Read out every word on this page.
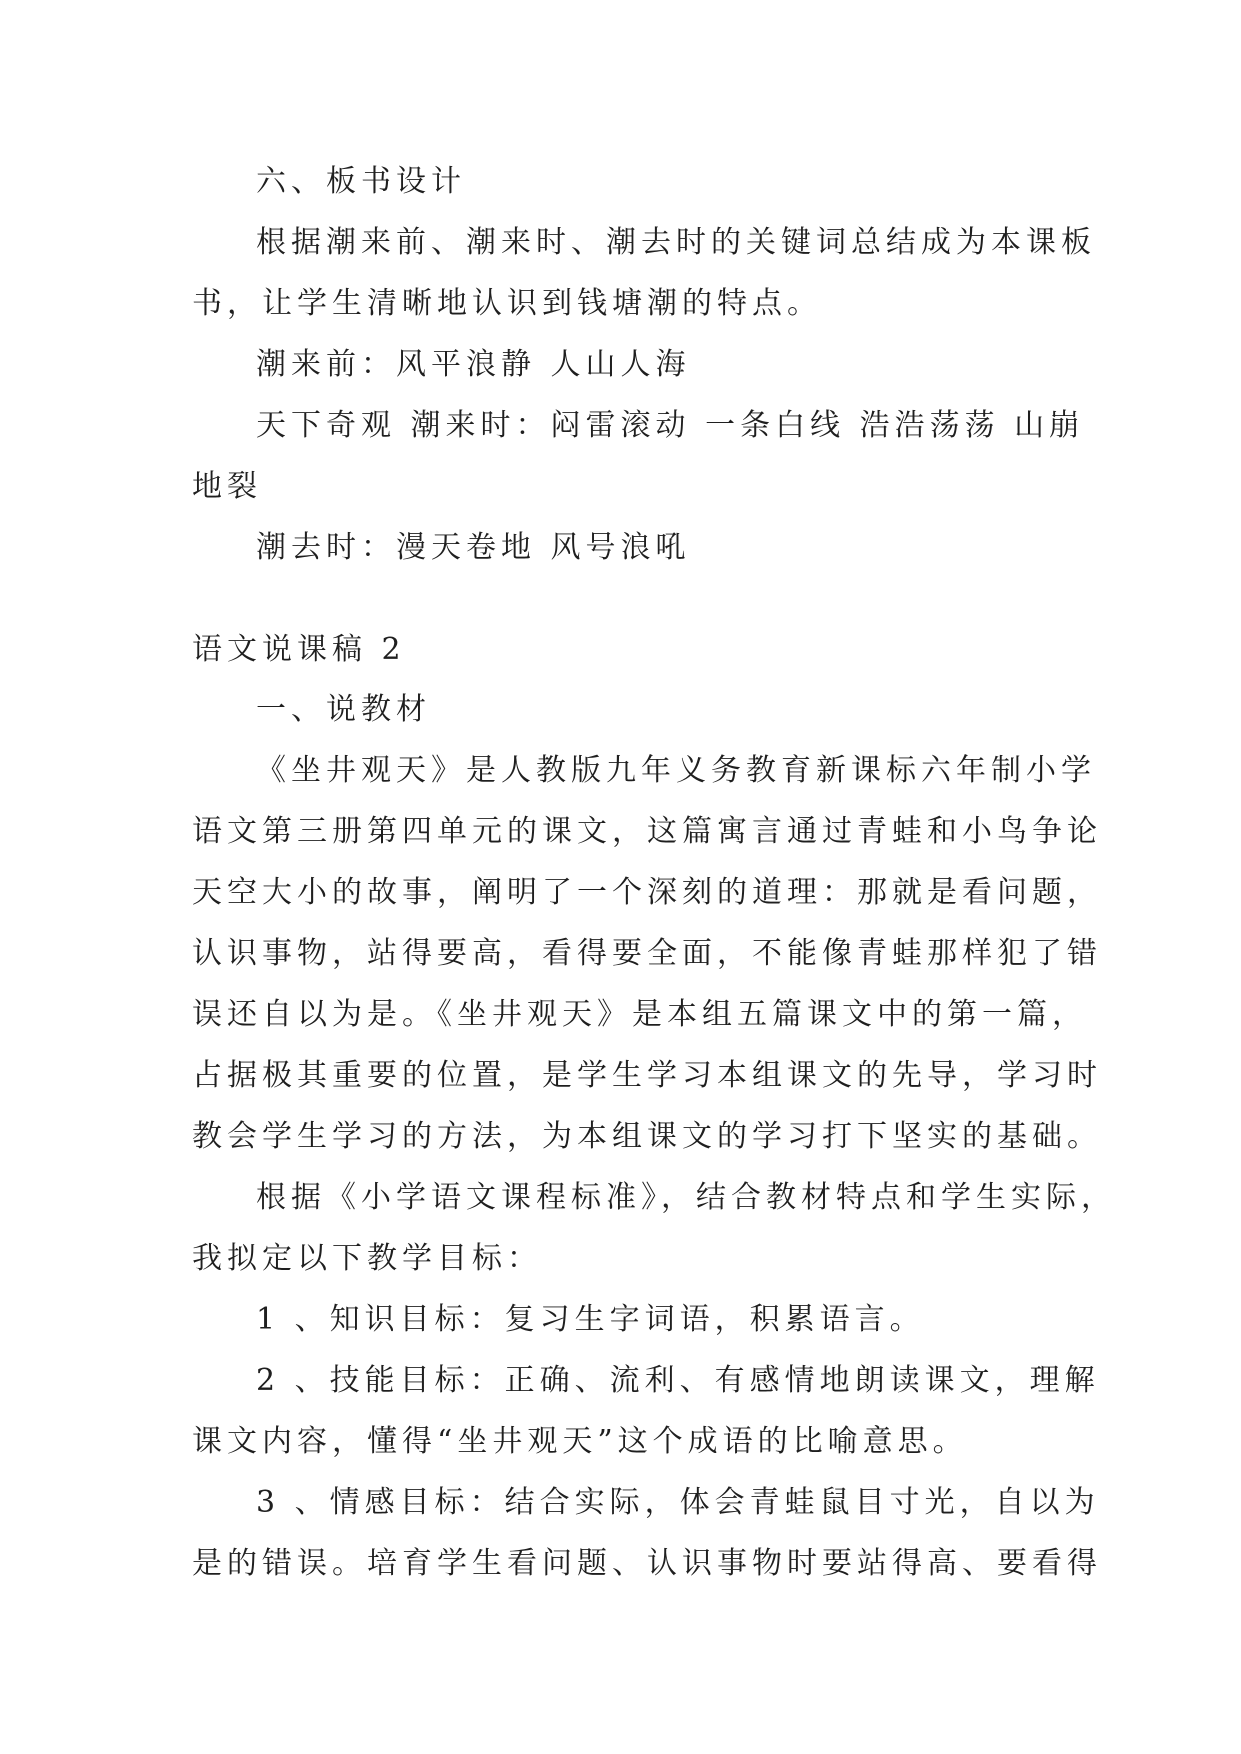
六、板书设计
根据潮来前、潮来时、潮去时的关键词总结成为本课板
书，让学生清晰地认识到钱塘潮的特点。
潮来前：风平浪静 人山人海
天下奇观 潮来时：闷雷滚动 一条白线 浩浩荡荡 山崩
地裂
潮去时：漫天卷地 风号浪吼
语文说课稿 2
一、说教材
《坐井观天》是人教版九年义务教育新课标六年制小学
语文第三册第四单元的课文，这篇寓言通过青蛙和小鸟争论
天空大小的故事，阐明了一个深刻的道理：那就是看问题，
认识事物，站得要高，看得要全面，不能像青蛙那样犯了错
误还自以为是。《坐井观天》是本组五篇课文中的第一篇，
占据极其重要的位置，是学生学习本组课文的先导，学习时
教会学生学习的方法，为本组课文的学习打下坚实的基础。
根据《小学语文课程标准》，结合教材特点和学生实际，
我拟定以下教学目标：
1 、知识目标：复习生字词语，积累语言。
2 、技能目标：正确、流利、有感情地朗读课文，理解
课文内容，懂得“坐井观天”这个成语的比喻意思。
3 、情感目标：结合实际，体会青蛙鼠目寸光，自以为
是的错误。培育学生看问题、认识事物时要站得高、要看得
